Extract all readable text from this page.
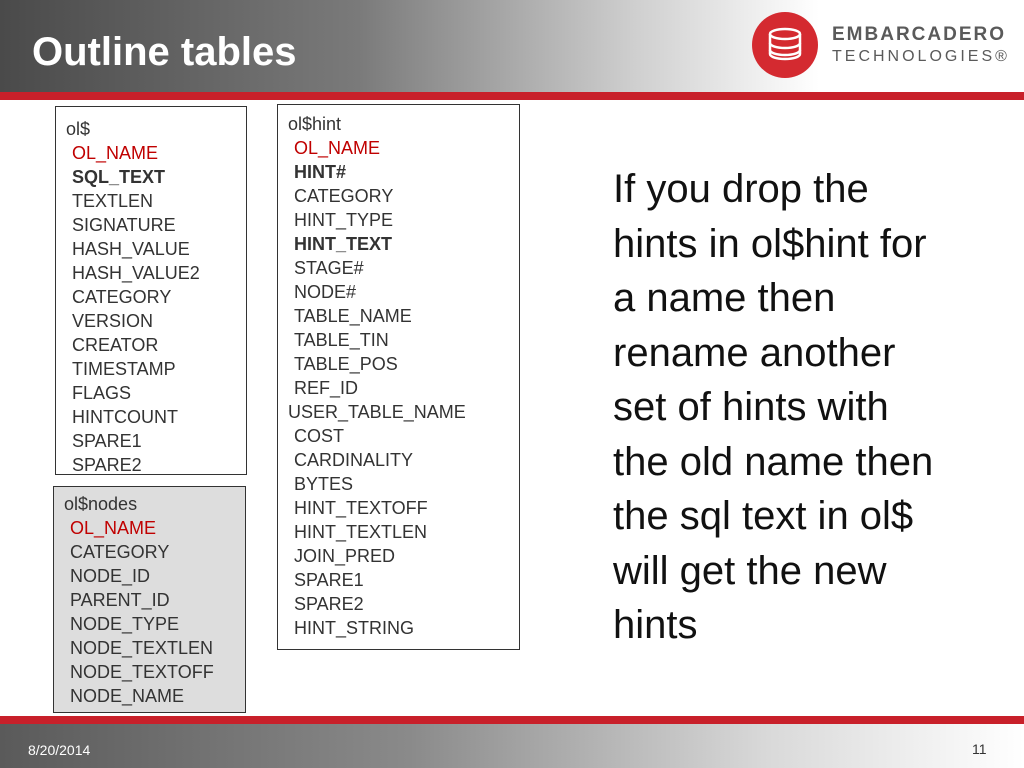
Outline tables	EMBARCADERO
TECHNOLOGIES®
ol$
OL_NAME
SQL_TEXT
TEXTLEN
SIGNATURE
HASH_VALUE
HASH_VALUE2
CATEGORY
VERSION
CREATOR
TIMESTAMP
FLAGS
HINTCOUNT
SPARE1
SPARE2
ol$hint
OL_NAME
HINT#
CATEGORY
HINT_TYPE
HINT_TEXT
STAGE#
NODE#
TABLE_NAME
TABLE_TIN
TABLE_POS
REF_ID
USER_TABLE_NAME
COST
CARDINALITY
BYTES
HINT_TEXTOFF
HINT_TEXTLEN
JOIN_PRED
SPARE1
SPARE2
HINT_STRING
ol$nodes
OL_NAME
CATEGORY
NODE_ID
PARENT_ID
NODE_TYPE
NODE_TEXTLEN
NODE_TEXTOFF
NODE_NAME
If you drop the
hints in ol$hint for
a name then
rename another
set of hints with
the old name then
the sql text in ol$
will get the new
hints
8/20/2014	11
